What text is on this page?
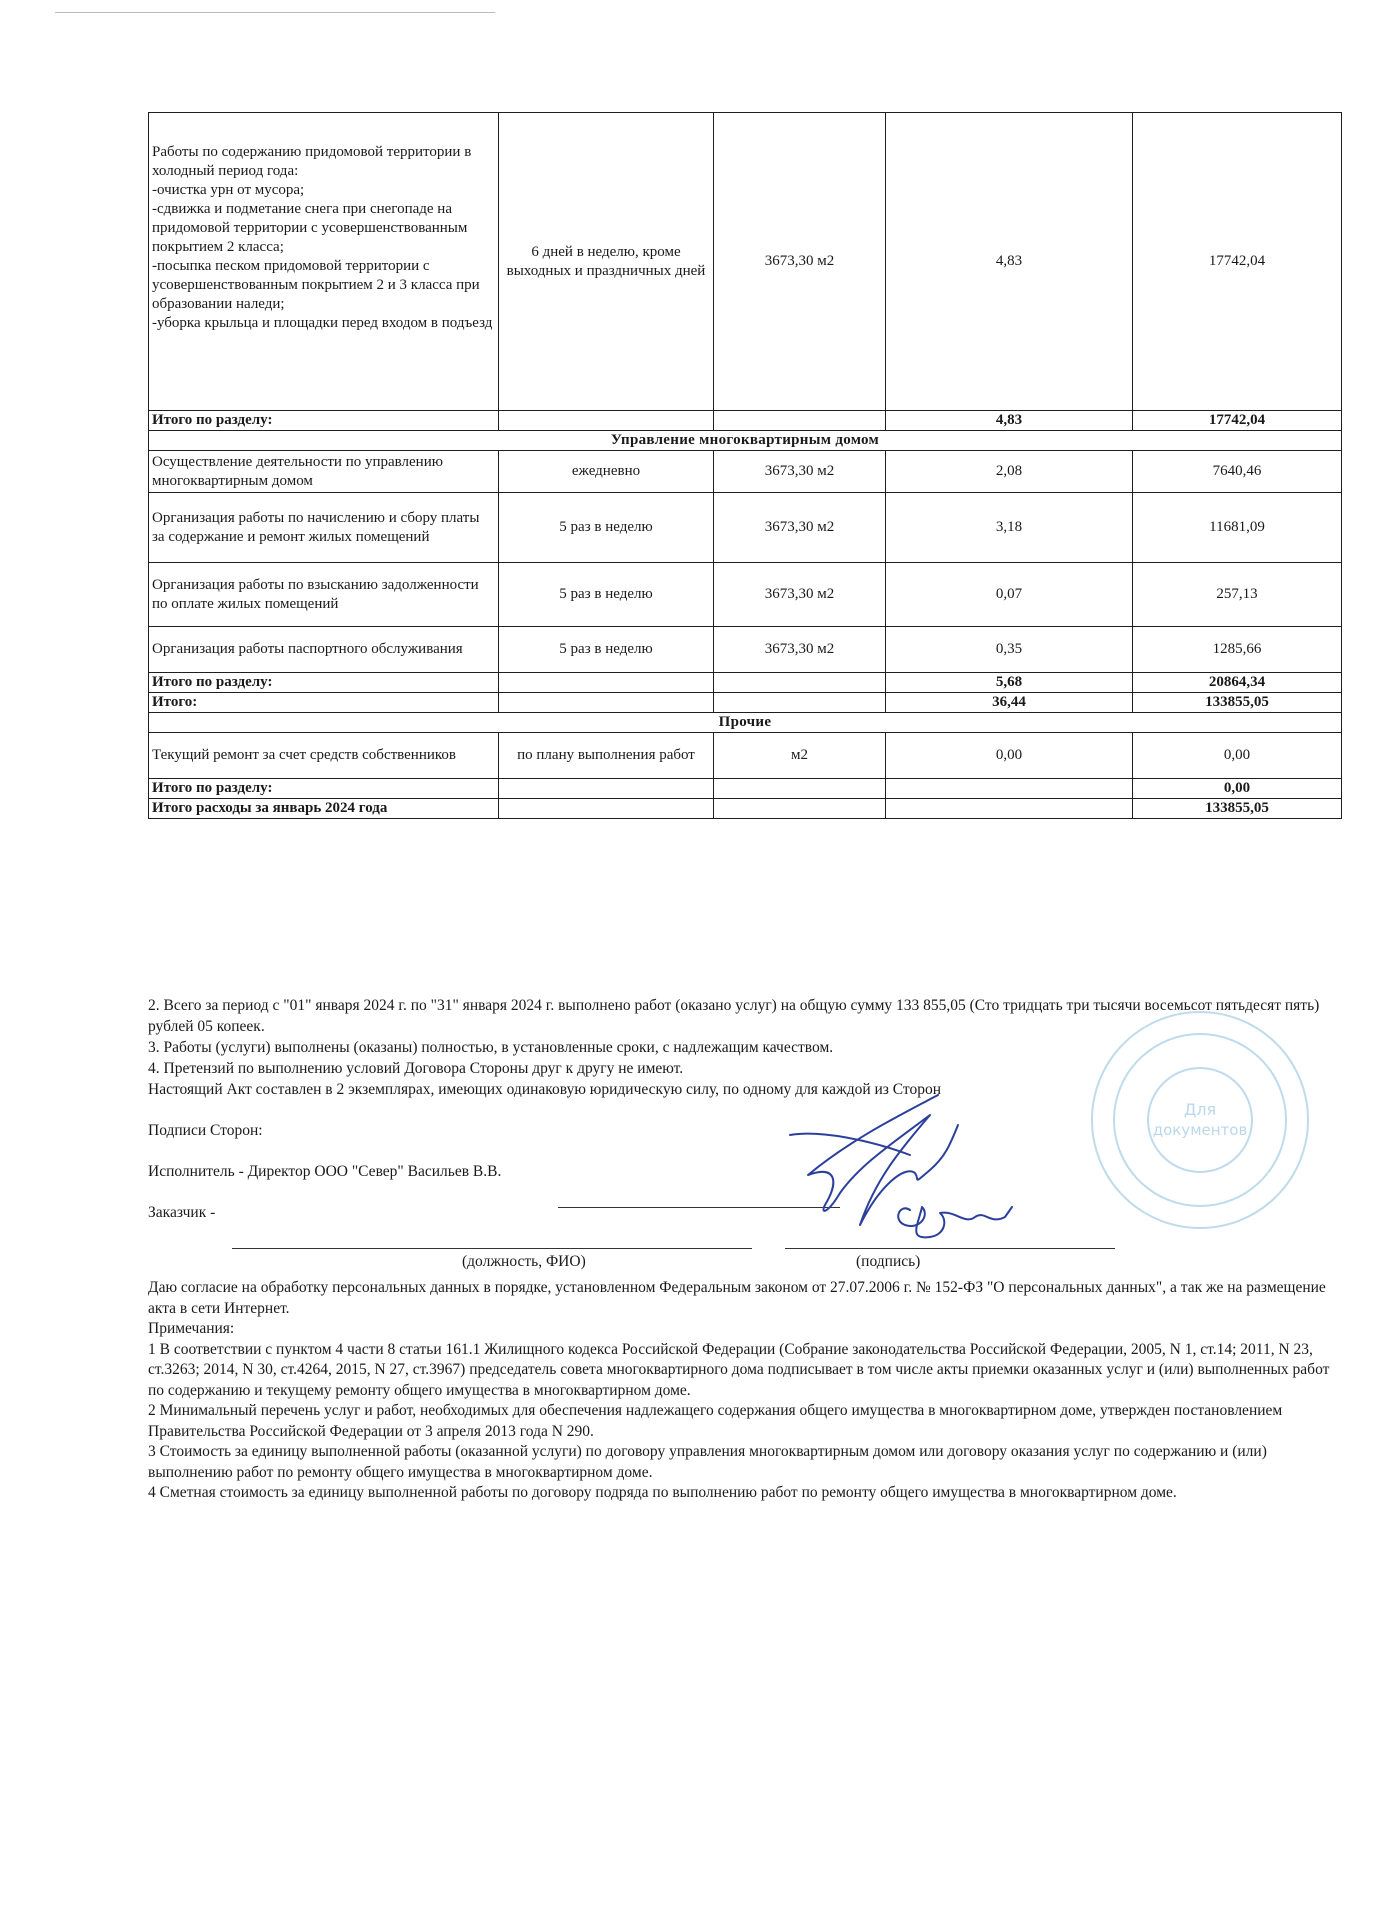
Работы по содержанию придомовой территории в холодный период года:
-очистка урн от мусора;
-сдвижка и подметание снега при снегопаде на придомовой территории с усовершенствованным покрытием 2 класса;
-посыпка песком придомовой территории с усовершенствованным покрытием 2 и 3 класса при образовании наледи;
-уборка крыльца и площадки перед входом в подъезд	6 дней в неделю, кроме выходных и праздничных дней	3673,30 м2	4,83	17742,04
Итого по разделу:			4,83	17742,04
Управление многоквартирным домом				
Осуществление деятельности по управлению многоквартирным домом	ежедневно	3673,30 м2	2,08	7640,46
Организация работы по начислению и сбору платы за содержание и ремонт жилых помещений	5 раз в неделю	3673,30 м2	3,18	11681,09
Организация работы по взысканию задолженности по оплате жилых помещений	5 раз в неделю	3673,30 м2	0,07	257,13
Организация работы паспортного обслуживания	5 раз в неделю	3673,30 м2	0,35	1285,66
Итого по разделу:			5,68	20864,34
Итого:			36,44	133855,05
Прочие				
Текущий ремонт за счет средств собственников	по плану выполнения работ	м2	0,00	0,00
Итого по разделу:				0,00
Итого расходы за январь 2024 года				133855,05

2. Всего за период с "01" января 2024 г. по "31" января 2024 г. выполнено работ (оказано услуг) на общую сумму 133 855,05 (Сто тридцать три тысячи восемьсот пятьдесят пять) рублей 05 копеек.

3. Работы (услуги) выполнены (оказаны) полностью, в установленные сроки, с надлежащим качеством.

4. Претензий по выполнению условий Договора Стороны друг к другу не имеют.

Настоящий Акт составлен в 2 экземплярах, имеющих одинаковую юридическую силу, по одному для каждой из Сторон

Подписи Сторон:

Исполнитель - Директор ООО "Север" Васильев В.В.

Заказчик -

(должность, ФИО)	(подпись)

Даю согласие на обработку персональных данных в порядке, установленном Федеральным законом от 27.07.2006 г. № 152-ФЗ "О персональных данных", а так же на размещение акта в сети Интернет.

Примечания:

1 В соответствии с пунктом 4 части 8 статьи 161.1 Жилищного кодекса Российской Федерации (Собрание законодательства Российской Федерации, 2005, N 1, ст.14; 2011, N 23, ст.3263; 2014, N 30, ст.4264, 2015, N 27, ст.3967) председатель совета многоквартирного дома подписывает в том числе акты приемки оказанных услуг и (или) выполненных работ по содержанию и текущему ремонту общего имущества в многоквартирном доме.

2 Минимальный перечень услуг и работ, необходимых для обеспечения надлежащего содержания общего имущества в многоквартирном доме, утвержден постановлением Правительства Российской Федерации от 3 апреля 2013 года N 290.

3 Стоимость за единицу выполненной работы (оказанной услуги) по договору управления многоквартирным домом или договору оказания услуг по содержанию и (или) выполнению работ по ремонту общего имущества в многоквартирном доме.

4 Сметная стоимость за единицу выполненной работы по договору подряда по выполнению работ по ремонту общего имущества в многоквартирном доме.

Для
документов
